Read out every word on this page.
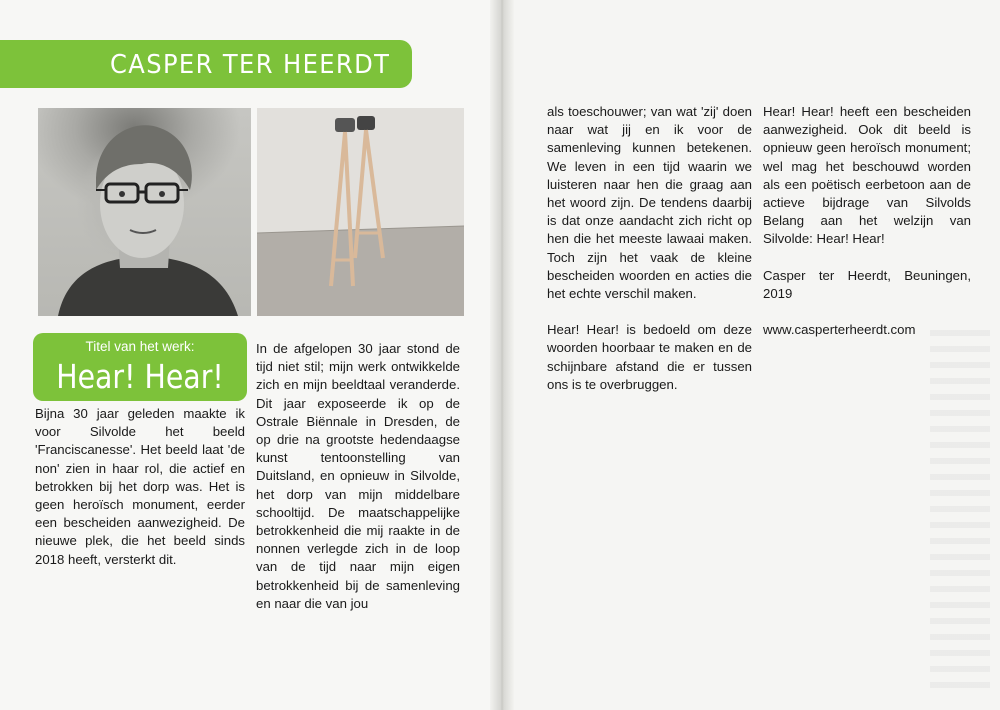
CASPER TER HEERDT
Titel van het werk:
Hear! Hear!

Bijna 30 jaar geleden maakte ik voor Silvolde het beeld 'Franciscanesse'. Het beeld laat 'de non' zien in haar rol, die actief en betrokken bij het dorp was. Het is geen heroïsch monument, eerder een bescheiden aanwezigheid. De nieuwe plek, die het beeld sinds 2018 heeft, versterkt dit.

In de afgelopen 30 jaar stond de tijd niet stil; mijn werk ontwikkelde zich en mijn beeldtaal veranderde. Dit jaar exposeerde ik op de Ostrale Biënnale in Dresden, de op drie na grootste hedendaagse kunst tentoonstelling van Duitsland, en opnieuw in Silvolde, het dorp van mijn middelbare schooltijd. De maatschappelijke betrokkenheid die mij raakte in de nonnen verlegde zich in de loop van de tijd naar mijn eigen betrokkenheid bij de samenleving en naar die van jou

als toeschouwer; van wat 'zij' doen naar wat jij en ik voor de samenleving kunnen betekenen. We leven in een tijd waarin we luisteren naar hen die graag aan het woord zijn. De tendens daarbij is dat onze aandacht zich richt op hen die het meeste lawaai maken. Toch zijn het vaak de kleine bescheiden woorden en acties die het echte verschil maken.

Hear! Hear! is bedoeld om deze woorden hoorbaar te maken en de schijnbare afstand die er tussen ons is te overbruggen.

Hear! Hear! heeft een bescheiden aanwezigheid. Ook dit beeld is opnieuw geen heroïsch monument; wel mag het beschouwd worden als een poëtisch eerbetoon aan de actieve bijdrage van Silvolds Belang aan het welzijn van Silvolde: Hear! Hear!

Casper ter Heerdt, Beuningen, 2019

www.casperterheerdt.com
